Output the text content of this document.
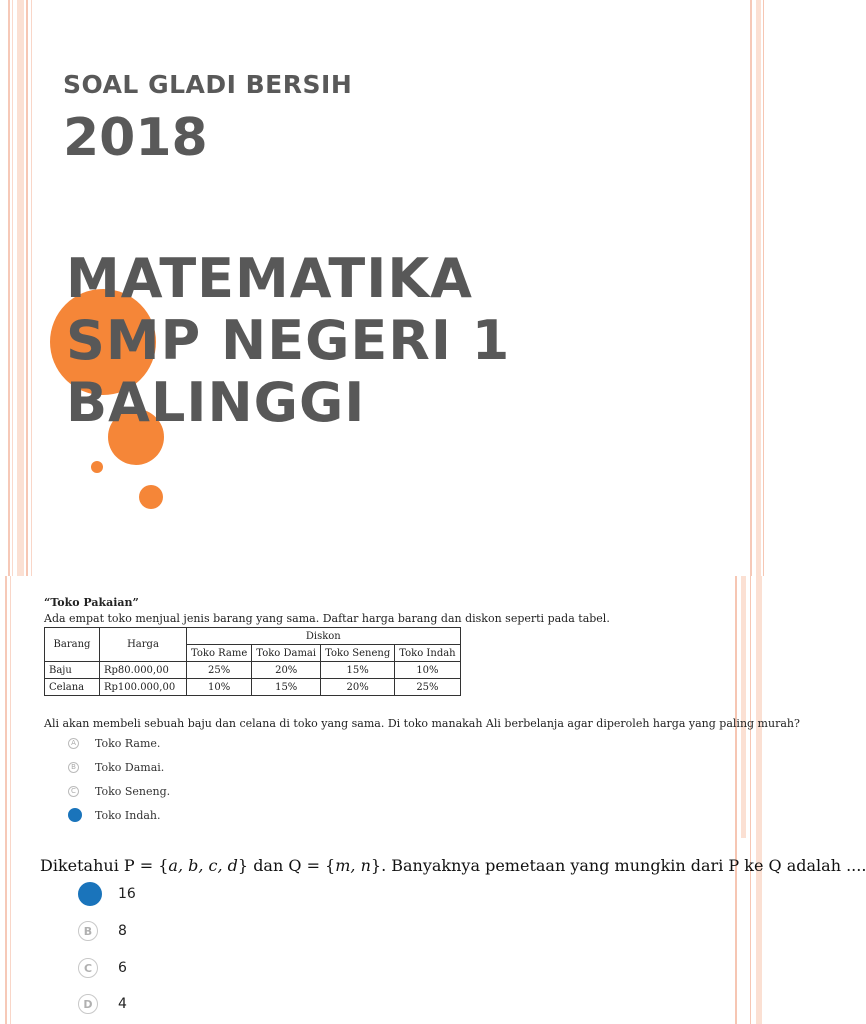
SOAL GLADI BERSIH
2018
MATEMATIKA
SMP NEGERI 1
BALINGGI
“Toko Pakaian”
Ada empat toko menjual jenis barang yang sama. Daftar harga barang dan diskon seperti pada tabel.
Barang	Harga	Diskon			
		Toko Rame	Toko Damai	Toko Seneng	Toko Indah
Baju	Rp80.000,00	25%	20%	15%	10%
Celana	Rp100.000,00	10%	15%	20%	25%
Ali akan membeli sebuah baju dan celana di toko yang sama. Di toko manakah Ali berbelanja agar diperoleh harga yang paling murah?
A Toko Rame.
B Toko Damai.
C Toko Seneng.
Toko Indah.
Diketahui P = {a, b, c, d} dan Q = {m, n}. Banyaknya pemetaan yang mungkin dari P ke Q adalah ....
16
B	8
C	6
D	4
